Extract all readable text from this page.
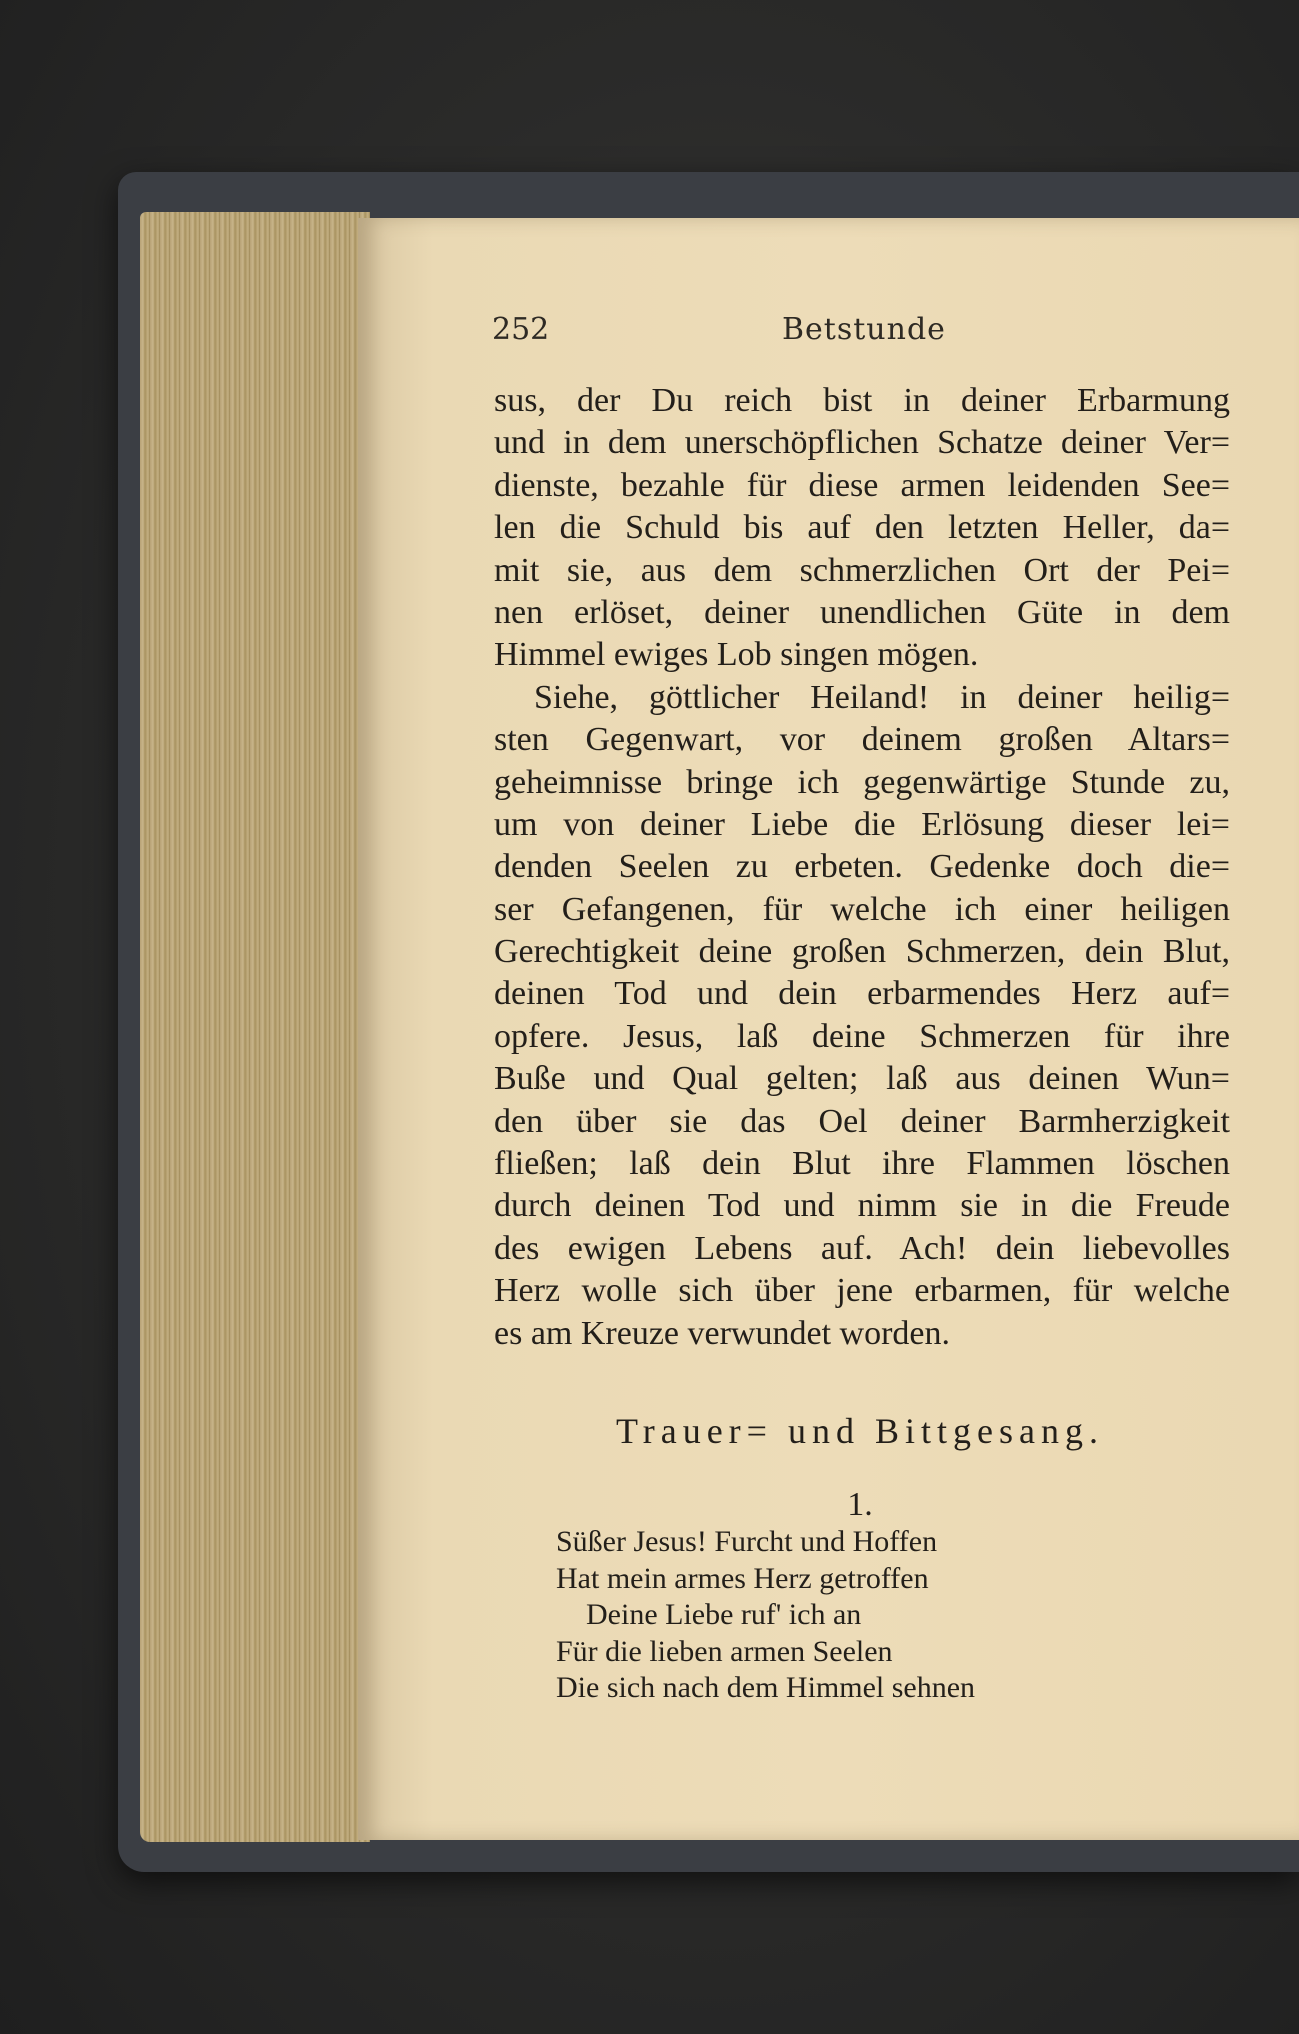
252	Betstunde
sus, der Du reich bist in deiner Erbarmung
und in dem unerschöpflichen Schatze deiner Ver=
dienste, bezahle für diese armen leidenden See=
len die Schuld bis auf den letzten Heller, da=
mit sie, aus dem schmerzlichen Ort der Pei=
nen erlöset, deiner unendlichen Güte in dem
Himmel ewiges Lob singen mögen.
Siehe, göttlicher Heiland! in deiner heilig=
sten Gegenwart, vor deinem großen Altars=
geheimnisse bringe ich gegenwärtige Stunde zu,
um von deiner Liebe die Erlösung dieser lei=
denden Seelen zu erbeten. Gedenke doch die=
ser Gefangenen, für welche ich einer heiligen
Gerechtigkeit deine großen Schmerzen, dein Blut,
deinen Tod und dein erbarmendes Herz auf=
opfere. Jesus, laß deine Schmerzen für ihre
Buße und Qual gelten; laß aus deinen Wun=
den über sie das Oel deiner Barmherzigkeit
fließen; laß dein Blut ihre Flammen löschen
durch deinen Tod und nimm sie in die Freude
des ewigen Lebens auf. Ach! dein liebevolles
Herz wolle sich über jene erbarmen, für welche
es am Kreuze verwundet worden.
Trauer= und Bittgesang.
1.
Süßer Jesus! Furcht und Hoffen
Hat mein armes Herz getroffen
Deine Liebe ruf' ich an
Für die lieben armen Seelen
Die sich nach dem Himmel sehnen
